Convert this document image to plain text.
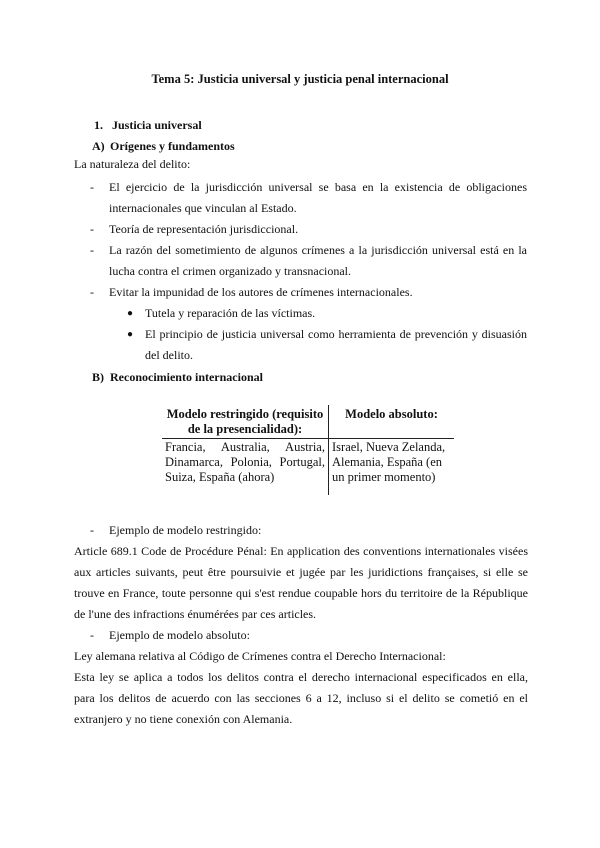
Tema 5: Justicia universal y justicia penal internacional
1. Justicia universal
A) Orígenes y fundamentos
La naturaleza del delito:
- El ejercicio de la jurisdicción universal se basa en la existencia de obligaciones
internacionales que vinculan al Estado.
- Teoría de representación jurisdiccional.
- La razón del sometimiento de algunos crímenes a la jurisdicción universal está en la
lucha contra el crimen organizado y transnacional.
- Evitar la impunidad de los autores de crímenes internacionales.
● Tutela y reparación de las víctimas.
● El principio de justicia universal como herramienta de prevención y disuasión
del delito.
B) Reconocimiento internacional
Modelo restringido (requisito de la presencialidad):	Modelo absoluto:
Francia, Australia, Austria, Dinamarca, Polonia, Portugal, Suiza, España (ahora)	Israel, Nueva Zelanda, Alemania, España (en un primer momento)
- Ejemplo de modelo restringido:
Article 689.1 Code de Procédure Pénal: En application des conventions internationales visées
aux articles suivants, peut être poursuivie et jugée par les juridictions françaises, si elle se
trouve en France, toute personne qui s'est rendue coupable hors du territoire de la République
de l'une des infractions énumérées par ces articles.
- Ejemplo de modelo absoluto:
Ley alemana relativa al Código de Crímenes contra el Derecho Internacional:
Esta ley se aplica a todos los delitos contra el derecho internacional especificados en ella,
para los delitos de acuerdo con las secciones 6 a 12, incluso si el delito se cometió en el
extranjero y no tiene conexión con Alemania.
